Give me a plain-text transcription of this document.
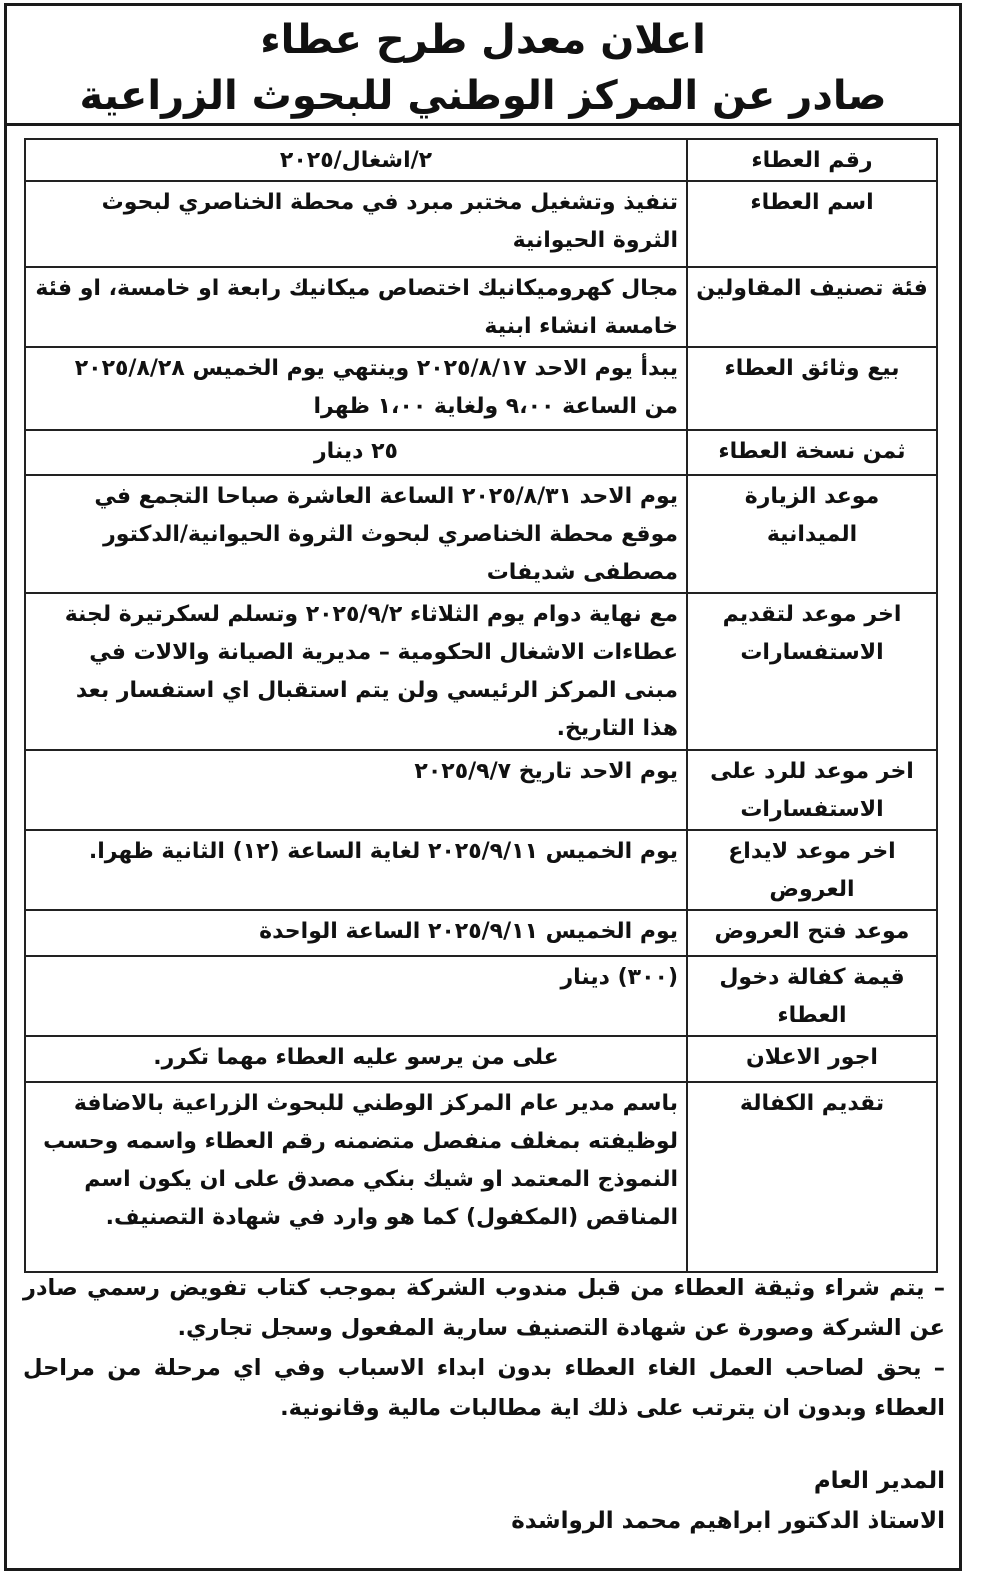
اعلان معدل طرح عطاء
صادر عن المركز الوطني للبحوث الزراعية
رقم العطاء	٢/اشغال/٢٠٢٥
اسم العطاء	تنفيذ وتشغيل مختبر مبرد في محطة الخناصري لبحوث الثروة الحيوانية
فئة تصنيف المقاولين	مجال كهروميكانيك اختصاص ميكانيك رابعة او خامسة، او فئة خامسة انشاء ابنية
بيع وثائق العطاء	يبدأ يوم الاحد ٢٠٢٥/٨/١٧ وينتهي يوم الخميس ٢٠٢٥/٨/٢٨ من الساعة ٩،٠٠ ولغاية ١،٠٠ ظهرا
ثمن نسخة العطاء	٢٥ دينار
موعد الزيارة الميدانية	يوم الاحد ٢٠٢٥/٨/٣١ الساعة العاشرة صباحا التجمع في موقع محطة الخناصري لبحوث الثروة الحيوانية/الدكتور مصطفى شديفات
اخر موعد لتقديم الاستفسارات	مع نهاية دوام يوم الثلاثاء ٢٠٢٥/٩/٢ وتسلم لسكرتيرة لجنة عطاءات الاشغال الحكومية – مديرية الصيانة والالات في مبنى المركز الرئيسي ولن يتم استقبال اي استفسار بعد هذا التاريخ.
اخر موعد للرد على الاستفسارات	يوم الاحد تاريخ ٢٠٢٥/٩/٧
اخر موعد لايداع العروض	يوم الخميس ٢٠٢٥/٩/١١ لغاية الساعة (١٢) الثانية ظهرا.
موعد فتح العروض	يوم الخميس ٢٠٢٥/٩/١١ الساعة الواحدة
قيمة كفالة دخول العطاء	(٣٠٠) دينار
اجور الاعلان	على من يرسو عليه العطاء مهما تكرر.
تقديم الكفالة	باسم مدير عام المركز الوطني للبحوث الزراعية بالاضافة لوظيفته بمغلف منفصل متضمنه رقم العطاء واسمه وحسب النموذج المعتمد او شيك بنكي مصدق على ان يكون اسم المناقص (المكفول) كما هو وارد في شهادة التصنيف.

– يتم شراء وثيقة العطاء من قبل مندوب الشركة بموجب كتاب تفويض رسمي صادر عن الشركة وصورة عن شهادة التصنيف سارية المفعول وسجل تجاري.

– يحق لصاحب العمل الغاء العطاء بدون ابداء الاسباب وفي اي مرحلة من مراحل العطاء وبدون ان يترتب على ذلك اية مطالبات مالية وقانونية.

المدير العام
الاستاذ الدكتور ابراهيم محمد الرواشدة
